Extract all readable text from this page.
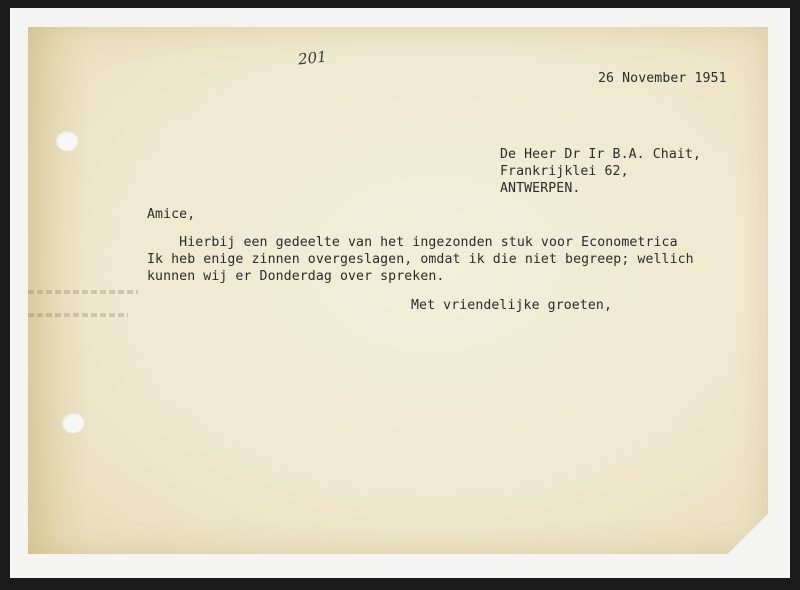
201
26 November 1951
De Heer Dr Ir B.A. Chait,
Frankrijklei 62,
ANTWERPEN.
Amice,
Hierbij een gedeelte van het ingezonden stuk voor Econometrica
Ik heb enige zinnen overgeslagen, omdat ik die niet begreep; wellich
kunnen wij er Donderdag over spreken.
Met vriendelijke groeten,
